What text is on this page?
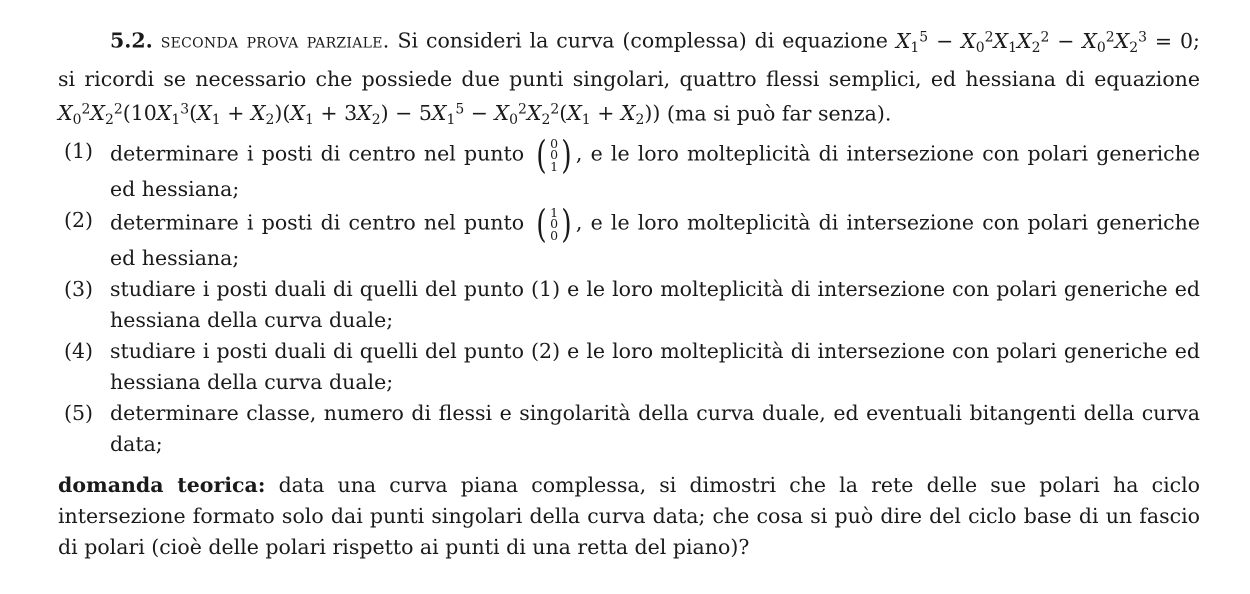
5.2. seconda prova parziale. Si consideri la curva (complessa) di equazione $X_1^5 - X_0^2X_1X_2^2 - X_0^2X_2^3 = 0$; si ricordi se necessario che possiede due punti singolari, quattro flessi semplici, ed hessiana di equazione $X_0^2X_2^2(10X_1^3(X_1 + X_2)(X_1 + 3X_2) - 5X_1^5 - X_0^2X_2^2(X_1 + X_2))$ (ma si può far senza).

(1) determinare i posti di centro nel punto ( 0
0
1 ) , e le loro molteplicità di intersezione con polari generiche ed hessiana;
(2) determinare i posti di centro nel punto ( 1
0
0 ) , e le loro molteplicità di intersezione con polari generiche ed hessiana;
(3) studiare i posti duali di quelli del punto (1) e le loro molteplicità di intersezione con polari generiche ed hessiana della curva duale;
(4) studiare i posti duali di quelli del punto (2) e le loro molteplicità di intersezione con polari generiche ed hessiana della curva duale;
(5) determinare classe, numero di flessi e singolarità della curva duale, ed eventuali bitangenti della curva data;

domanda teorica: data una curva piana complessa, si dimostri che la rete delle sue polari ha ciclo intersezione formato solo dai punti singolari della curva data; che cosa si può dire del ciclo base di un fascio di polari (cioè delle polari rispetto ai punti di una retta del piano)?
